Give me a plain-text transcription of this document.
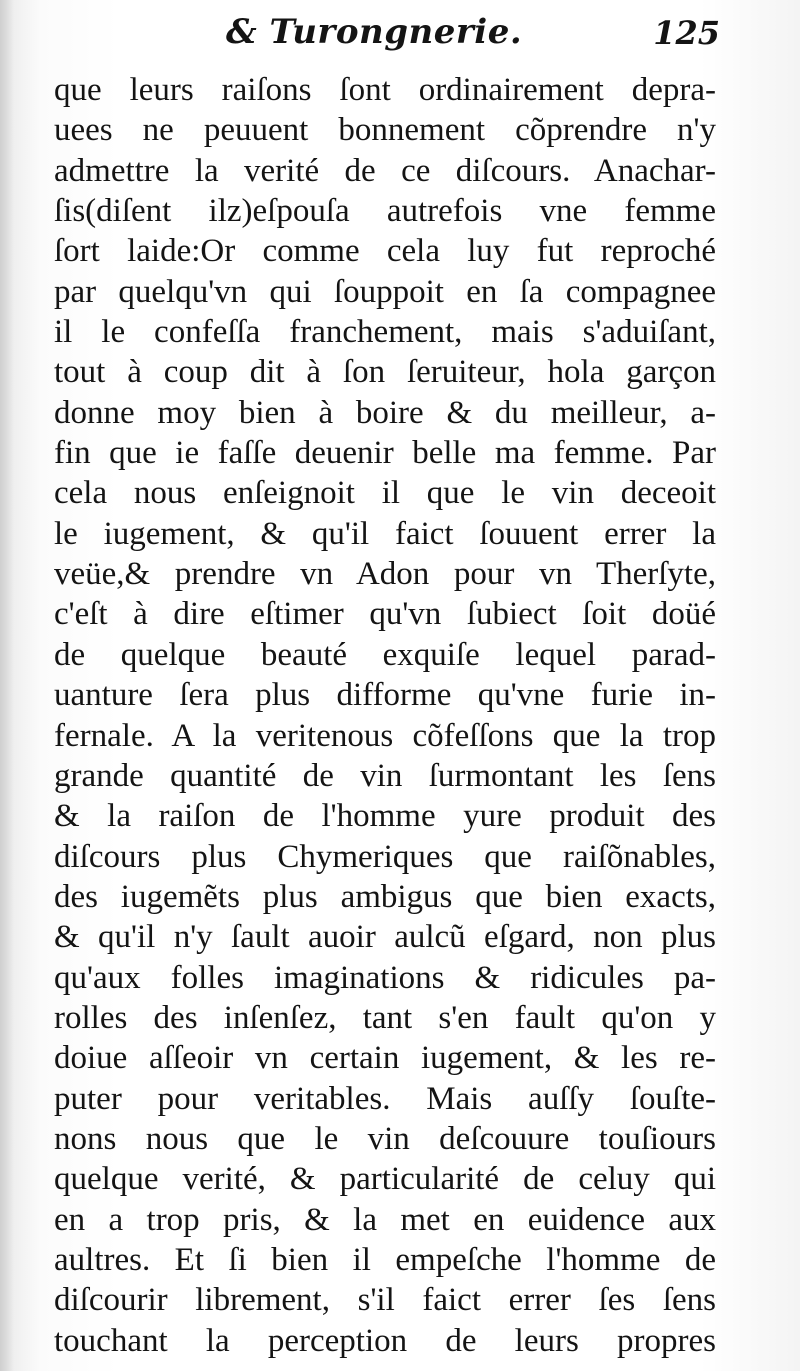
& Turongnerie.	125
que leurs raiſons ſont ordinairement depra-
uees ne peuuent bonnement cõprendre n'y
admettre la verité de ce diſcours. Anachar-
ſis(diſent ilz)eſpouſa autrefois vne femme
ſort laide:Or comme cela luy fut reproché
par quelqu'vn qui ſouppoit en ſa compagnee
il le confeſſa franchement, mais s'aduiſant,
tout à coup dit à ſon ſeruiteur, hola garçon
donne moy bien à boire & du meilleur, a-
fin que ie faſſe deuenir belle ma femme. Par
cela nous enſeignoit il que le vin deceoit
le iugement, & qu'il faict ſouuent errer la
veüe,& prendre vn Adon pour vn Therſyte,
c'eſt à dire eſtimer qu'vn ſubiect ſoit doüé
de quelque beauté exquiſe lequel parad-
uanture ſera plus difforme qu'vne furie in-
fernale. A la veritenous cõfeſſons que la trop
grande quantité de vin ſurmontant les ſens
& la raiſon de l'homme yure produit des
diſcours plus Chymeriques que raiſõnables,
des iugemẽts plus ambigus que bien exacts,
& qu'il n'y ſault auoir aulcũ eſgard, non plus
qu'aux folles imaginations & ridicules pa-
rolles des inſenſez, tant s'en fault qu'on y
doiue aſſeoir vn certain iugement, & les re-
puter pour veritables. Mais auſſy ſouſte-
nons nous que le vin deſcouure touſiours
quelque verité, & particularité de celuy qui
en a trop pris, & la met en euidence aux
aultres. Et ſi bien il empeſche l'homme de
diſcourir librement, s'il faict errer ſes ſens
touchant la perception de leurs propres
